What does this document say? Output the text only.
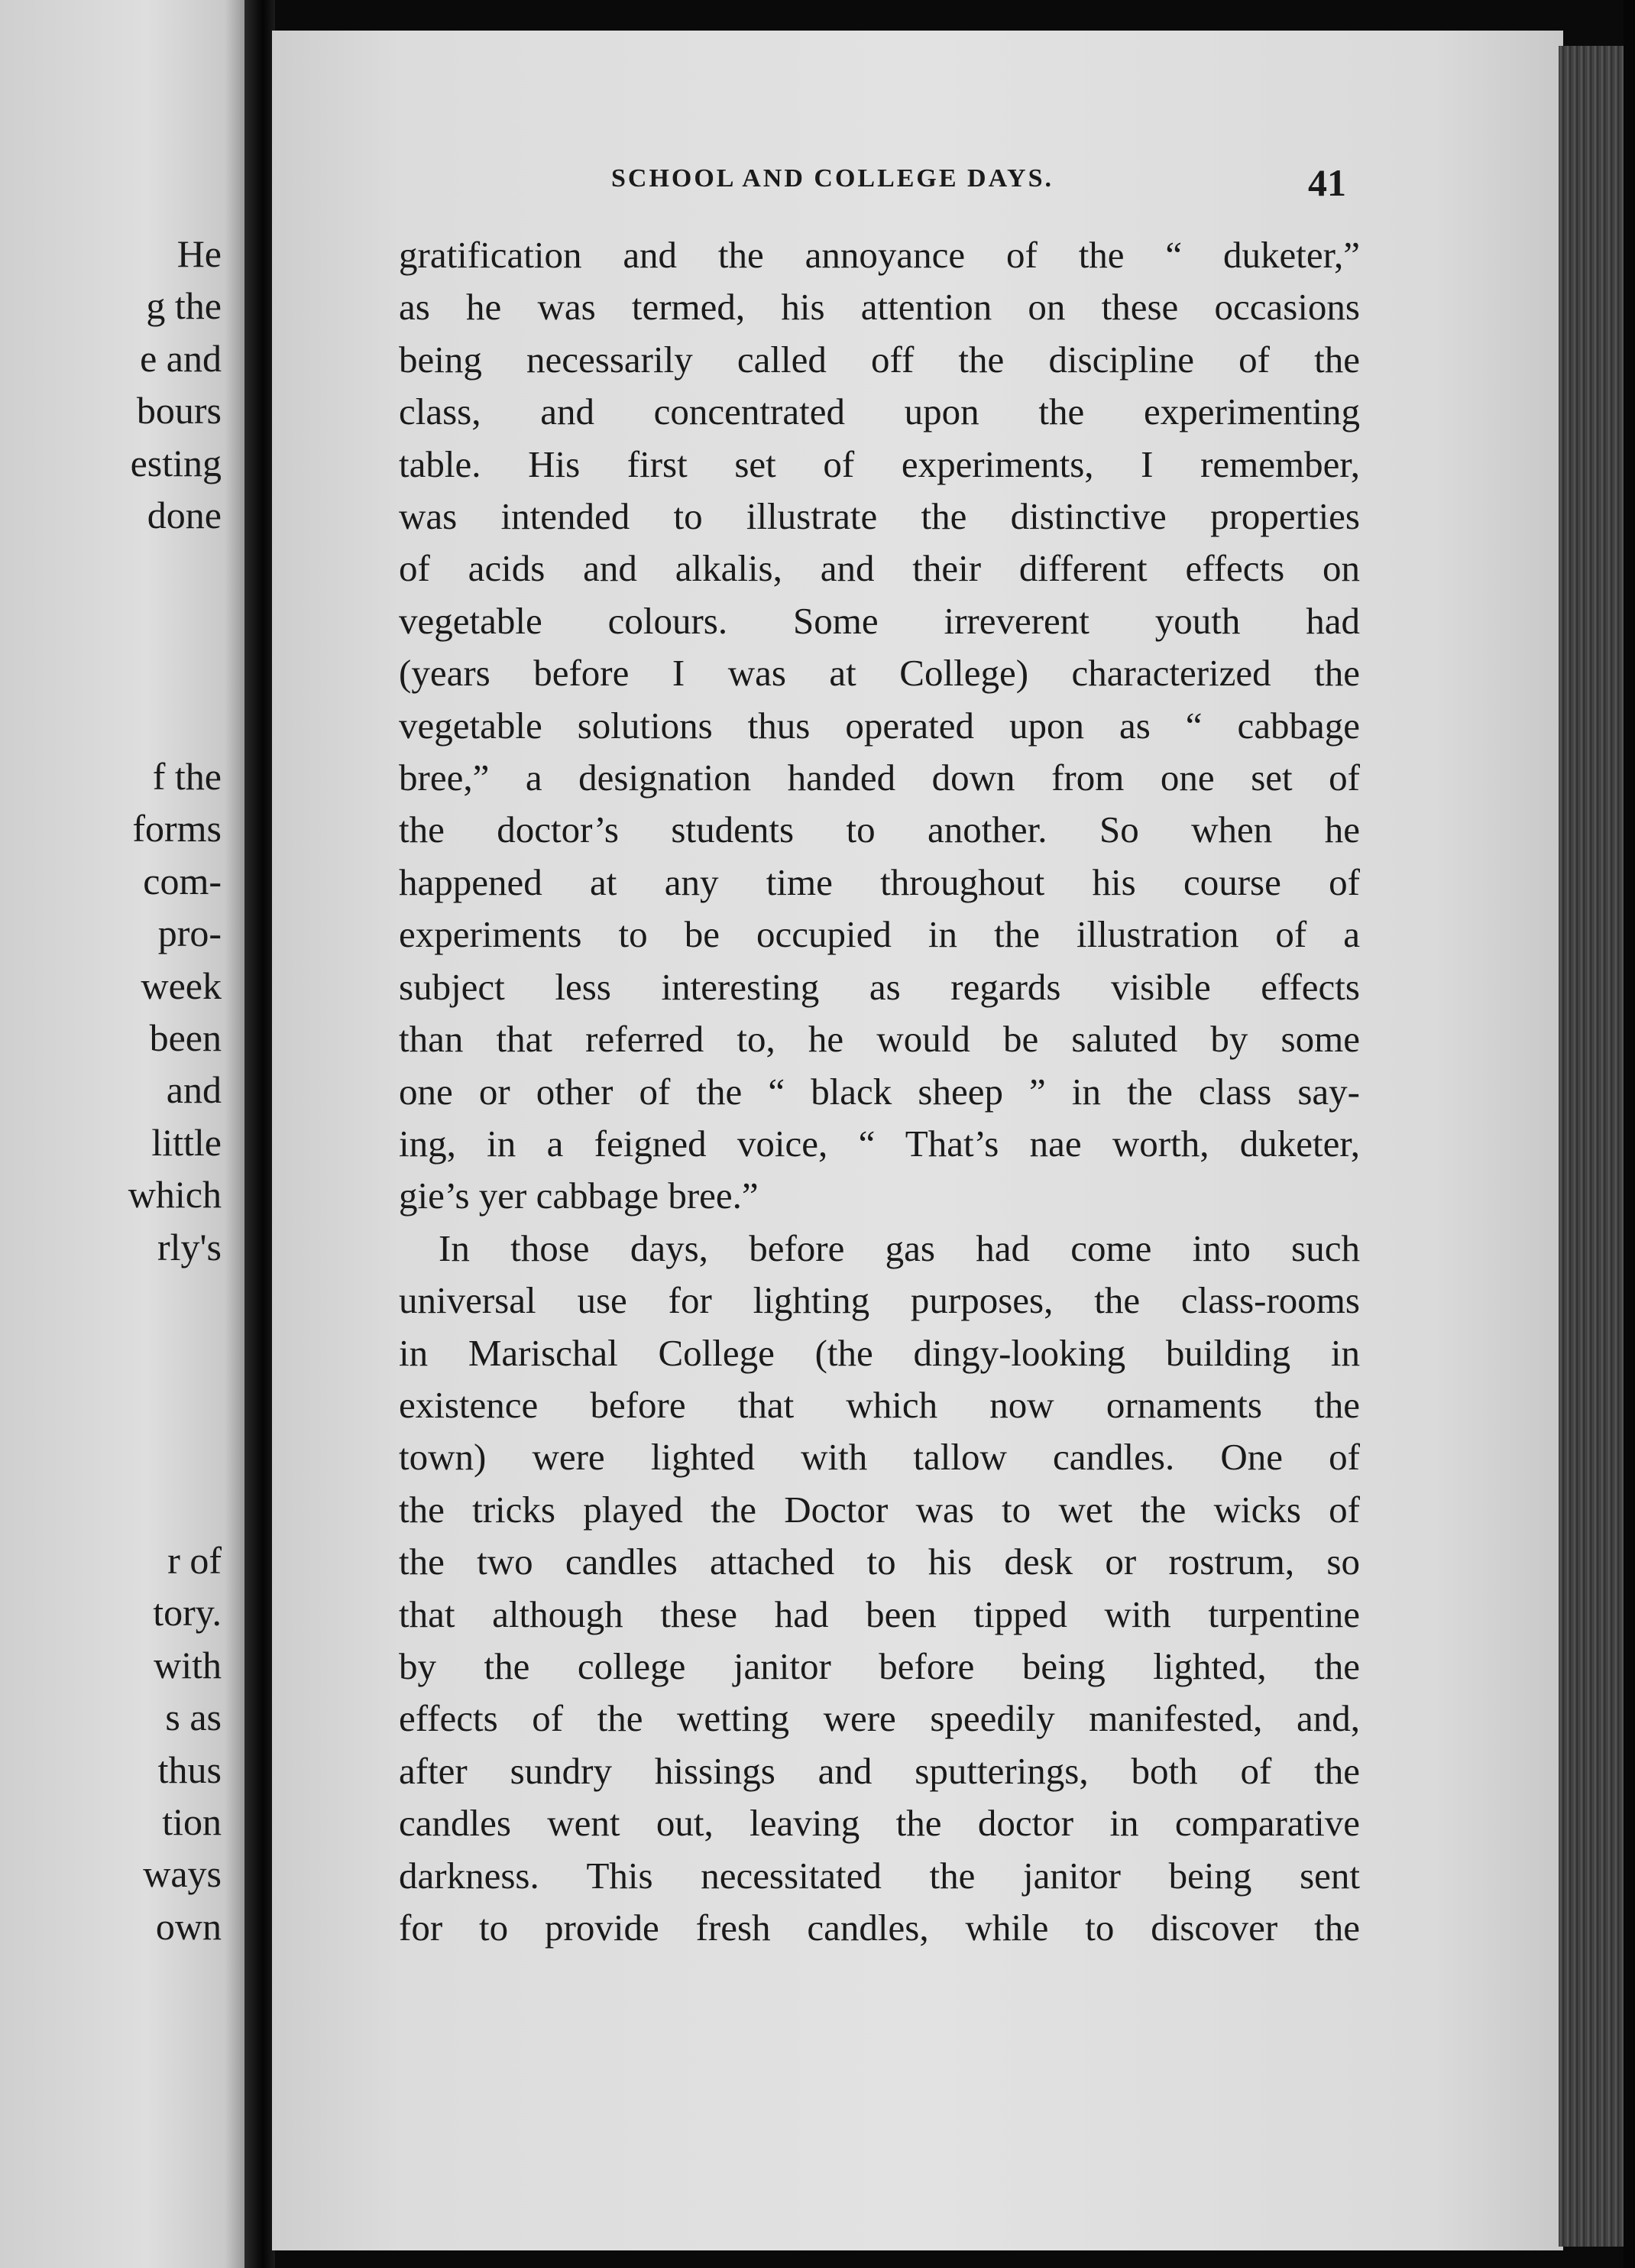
He
g the
e and
bours
esting
done
f the
forms
com-
pro-
week
been
and
little
which
rly's
r of
tory.
with
s as
thus
tion
ways
own
SCHOOL AND COLLEGE DAYS.	41
gratification and the annoyance of the “ duketer,”
as he was termed, his attention on these occasions
being necessarily called off the discipline of the
class, and concentrated upon the experimenting
table. His first set of experiments, I remember,
was intended to illustrate the distinctive properties
of acids and alkalis, and their different effects on
vegetable colours. Some irreverent youth had
(years before I was at College) characterized the
vegetable solutions thus operated upon as “ cabbage
bree,” a designation handed down from one set of
the doctor’s students to another. So when he
happened at any time throughout his course of
experiments to be occupied in the illustration of a
subject less interesting as regards visible effects
than that referred to, he would be saluted by some
one or other of the “ black sheep ” in the class say-
ing, in a feigned voice, “ That’s nae worth, duketer,
gie’s yer cabbage bree.”
In those days, before gas had come into such
universal use for lighting purposes, the class-rooms
in Marischal College (the dingy-looking building in
existence before that which now ornaments the
town) were lighted with tallow candles. One of
the tricks played the Doctor was to wet the wicks of
the two candles attached to his desk or rostrum, so
that although these had been tipped with turpentine
by the college janitor before being lighted, the
effects of the wetting were speedily manifested, and,
after sundry hissings and sputterings, both of the
candles went out, leaving the doctor in comparative
darkness. This necessitated the janitor being sent
for to provide fresh candles, while to discover the
